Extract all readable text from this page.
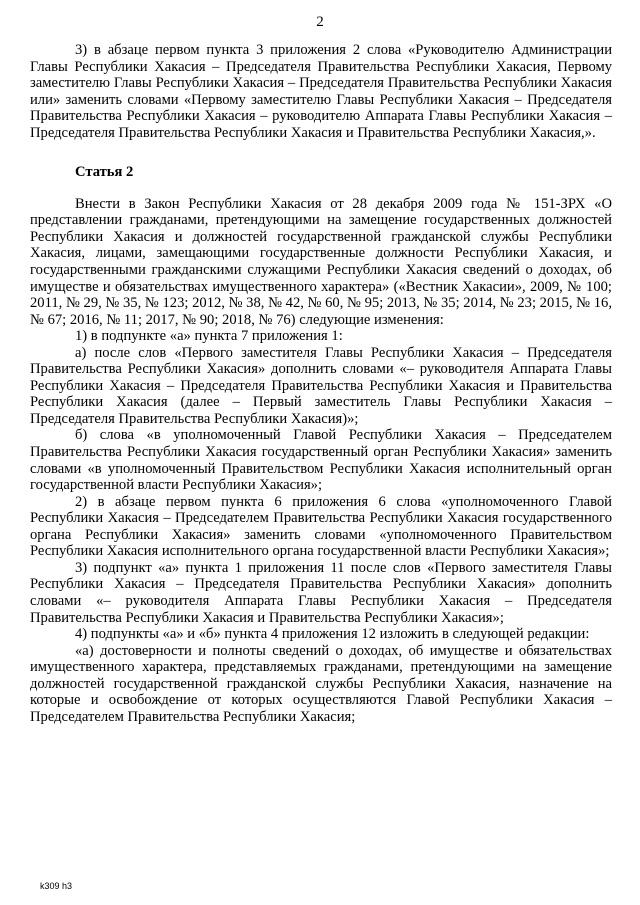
2

3) в абзаце первом пункта 3 приложения 2 слова «Руководителю Администрации Главы Республики Хакасия – Председателя Правительства Республики Хакасия, Первому заместителю Главы Республики Хакасия – Председателя Правительства Республики Хакасия или» заменить словами «Первому заместителю Главы Республики Хакасия – Председателя Правительства Республики Хакасия – руководителю Аппарата Главы Республики Хакасия – Председателя Правительства Республики Хакасия и Правительства Республики Хакасия,».

Статья 2

Внести в Закон Республики Хакасия от 28 декабря 2009 года № 151-ЗРХ «О представлении гражданами, претендующими на замещение государственных должностей Республики Хакасия и должностей государственной гражданской службы Республики Хакасия, лицами, замещающими государственные должности Республики Хакасия, и государственными гражданскими служащими Республики Хакасия сведений о доходах, об имуществе и обязательствах имущественного характера» («Вестник Хакасии», 2009, № 100; 2011, № 29, № 35, № 123; 2012, № 38, № 42, № 60, № 95; 2013, № 35; 2014, № 23; 2015, № 16, № 67; 2016, № 11; 2017, № 90; 2018, № 76) следующие изменения:

1) в подпункте «а» пункта 7 приложения 1:

а) после слов «Первого заместителя Главы Республики Хакасия – Председателя Правительства Республики Хакасия» дополнить словами «– руководителя Аппарата Главы Республики Хакасия – Председателя Правительства Республики Хакасия и Правительства Республики Хакасия (далее – Первый заместитель Главы Республики Хакасия – Председателя Правительства Республики Хакасия)»;

б) слова «в уполномоченный Главой Республики Хакасия – Председателем Правительства Республики Хакасия государственный орган Республики Хакасия» заменить словами «в уполномоченный Правительством Республики Хакасия исполнительный орган государственной власти Республики Хакасия»;

2) в абзаце первом пункта 6 приложения 6 слова «уполномоченного Главой Республики Хакасия – Председателем Правительства Республики Хакасия государственного органа Республики Хакасия» заменить словами «уполномоченного Правительством Республики Хакасия исполнительного органа государственной власти Республики Хакасия»;

3) подпункт «а» пункта 1 приложения 11 после слов «Первого заместителя Главы Республики Хакасия – Председателя Правительства Республики Хакасия» дополнить словами «– руководителя Аппарата Главы Республики Хакасия – Председателя Правительства Республики Хакасия и Правительства Республики Хакасия»;

4) подпункты «а» и «б» пункта 4 приложения 12 изложить в следующей редакции:

«а) достоверности и полноты сведений о доходах, об имуществе и обязательствах имущественного характера, представляемых гражданами, претендующими на замещение должностей государственной гражданской службы Республики Хакасия, назначение на которые и освобождение от которых осуществляются Главой Республики Хакасия – Председателем Правительства Республики Хакасия;

k309 h3
